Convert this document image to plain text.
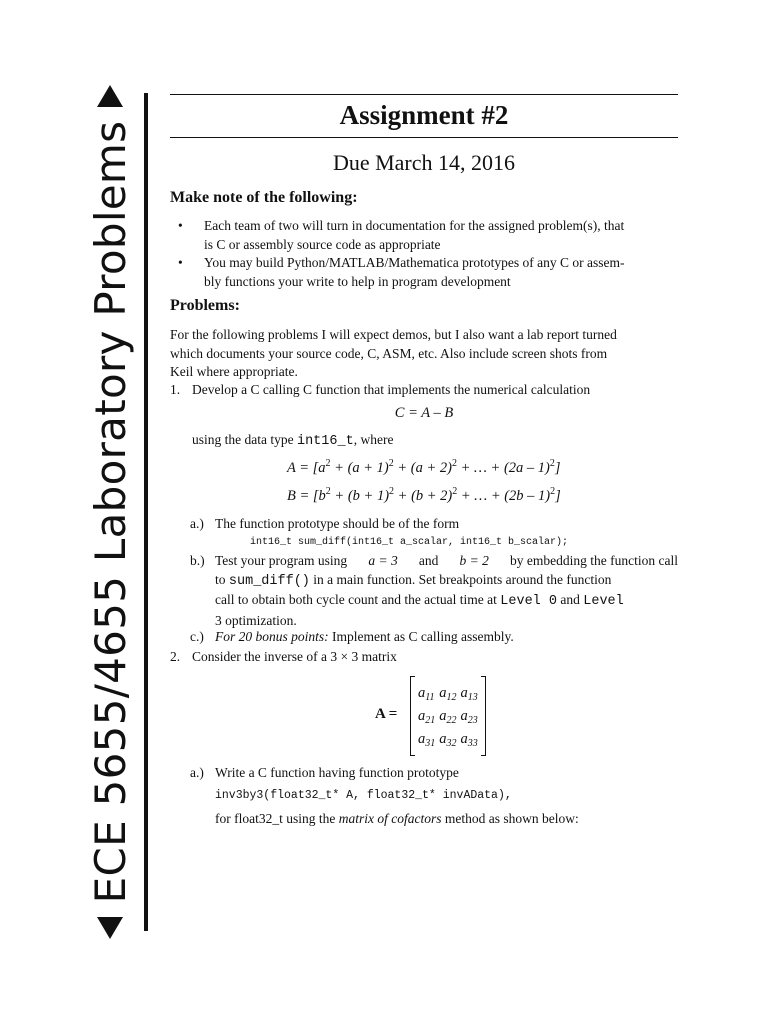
ECE 5655/4655 Laboratory Problems
Assignment #2
Due March 14, 2016
Make note of the following:
•	Each team of two will turn in documentation for the assigned problem(s), that
is C or assembly source code as appropriate
•	You may build Python/MATLAB/Mathematica prototypes of any C or assem-
bly functions your write to help in program development
Problems:
For the following problems I will expect demos, but I also want a lab report turned
which documents your source code, C, ASM, etc. Also include screen shots from
Keil where appropriate.
1. Develop a C calling C function that implements the numerical calculation
C = A – B
using the data type int16_t, where
$A = [a^2 + (a + 1)^2 + (a + 2)^2$ + … + (2a – 1)$^2$]
$B = [b^2 + (b + 1)^2 + (b + 2)^2$ + … + (2b – 1)$^2$]
a.) The function prototype should be of the form
int16_t sum_diff(int16_t a_scalar, int16_t b_scalar);
b.) Test your program using a = 3 and b = 2 by embedding the function call
to sum_diff() in a main function. Set breakpoints around the function
call to obtain both cycle count and the actual time at Level 0 and Level
3 optimization.
c.) For 20 bonus points: Implement as C calling assembly.
2. Consider the inverse of a 3 × 3 matrix
A =
$a_{11}$ $a_{12}$ $a_{13}$
$a_{21}$ $a_{22}$ $a_{23}$
$a_{31}$ $a_{32}$ $a_{33}$
a.) Write a C function having function prototype
inv3by3(float32_t* A, float32_t* invAData),
for float32_t using the matrix of cofactors method as shown below:
